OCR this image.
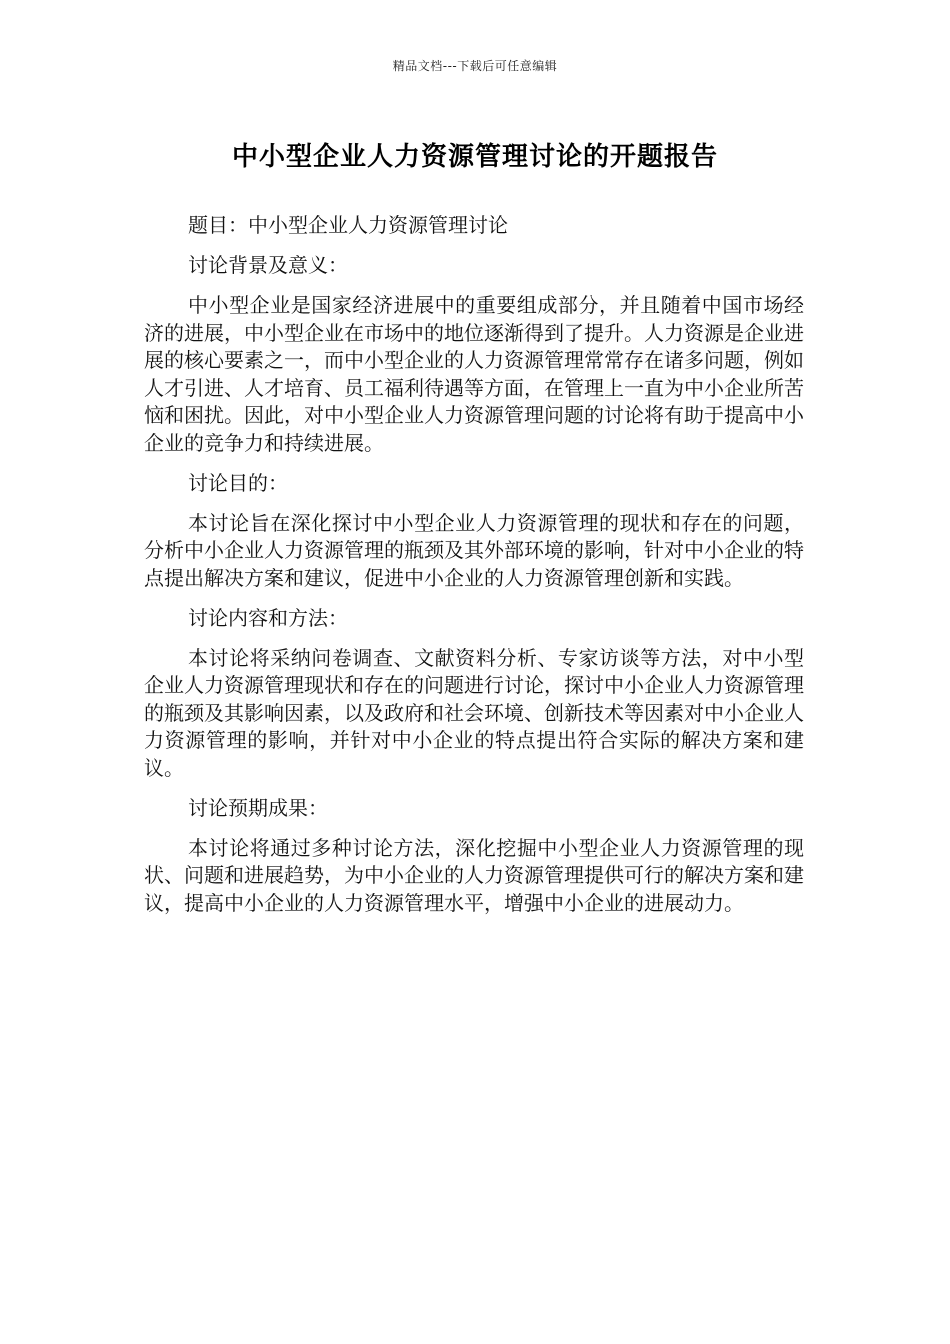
精品文档---下载后可任意编辑
中小型企业人力资源管理讨论的开题报告

题目：中小型企业人力资源管理讨论

讨论背景及意义：

中小型企业是国家经济进展中的重要组成部分，并且随着中国市场经济的进展，中小型企业在市场中的地位逐渐得到了提升。人力资源是企业进展的核心要素之一，而中小型企业的人力资源管理常常存在诸多问题，例如人才引进、人才培育、员工福利待遇等方面，在管理上一直为中小企业所苦恼和困扰。因此，对中小型企业人力资源管理问题的讨论将有助于提高中小企业的竞争力和持续进展。

讨论目的：

本讨论旨在深化探讨中小型企业人力资源管理的现状和存在的问题，分析中小企业人力资源管理的瓶颈及其外部环境的影响，针对中小企业的特点提出解决方案和建议，促进中小企业的人力资源管理创新和实践。

讨论内容和方法：

本讨论将采纳问卷调查、文献资料分析、专家访谈等方法，对中小型企业人力资源管理现状和存在的问题进行讨论，探讨中小企业人力资源管理的瓶颈及其影响因素，以及政府和社会环境、创新技术等因素对中小企业人力资源管理的影响，并针对中小企业的特点提出符合实际的解决方案和建议。

讨论预期成果：

本讨论将通过多种讨论方法，深化挖掘中小型企业人力资源管理的现状、问题和进展趋势，为中小企业的人力资源管理提供可行的解决方案和建议，提高中小企业的人力资源管理水平，增强中小企业的进展动力。
